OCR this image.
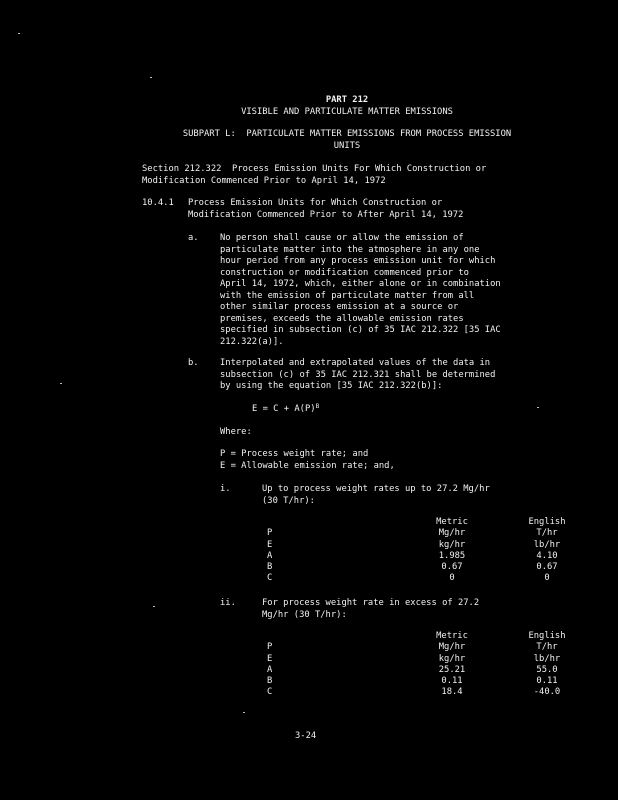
PART 212
VISIBLE AND PARTICULATE MATTER EMISSIONS
SUBPART L:  PARTICULATE MATTER EMISSIONS FROM PROCESS EMISSION
UNITS
Section 212.322  Process Emission Units For Which Construction or
Modification Commenced Prior to April 14, 1972
10.4.1 Process Emission Units for Which Construction or
Modification Commenced Prior to After April 14, 1972
a. No person shall cause or allow the emission of
particulate matter into the atmosphere in any one
hour period from any process emission unit for which
construction or modification commenced prior to
April 14, 1972, which, either alone or in combination
with the emission of particulate matter from all
other similar process emission at a source or
premises, exceeds the allowable emission rates
specified in subsection (c) of 35 IAC 212.322 [35 IAC
212.322(a)].
b. Interpolated and extrapolated values of the data in
subsection (c) of 35 IAC 212.321 shall be determined
by using the equation [35 IAC 212.322(b)]:
$E = C + A(P)^B$
Where:
P = Process weight rate; and
E = Allowable emission rate; and,
i.	Up to process weight rates up to 27.2 Mg/hr
(30 T/hr):
	Metric	English
P	Mg/hr	T/hr
E	kg/hr	lb/hr
A	1.985	4.10
B	0.67	0.67
C	0	0
ii.	For process weight rate in excess of 27.2
Mg/hr (30 T/hr):
	Metric	English
P	Mg/hr	T/hr
E	kg/hr	lb/hr
A	25.21	55.0
B	0.11	0.11
C	18.4	-40.0
3-24
